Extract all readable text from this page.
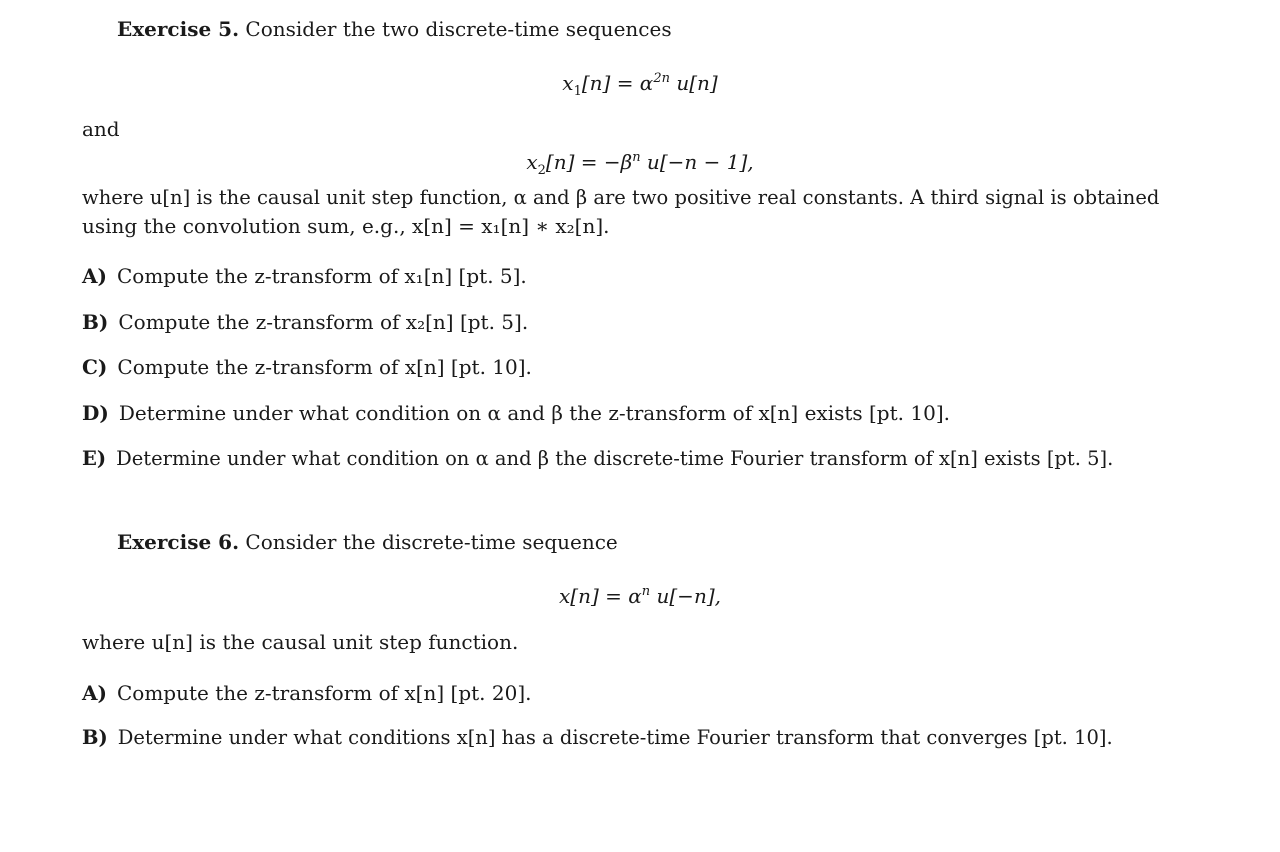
Exercise 5. Consider the two discrete-time sequences
$x_1[n] = \alpha^{2n}$ u[n]
and
$x_2[n] = -\beta^n$ u[−n − 1],
where u[n] is the causal unit step function, α and β are two positive real constants. A third signal is obtained
using the convolution sum, e.g., x[n] = x₁[n] ∗ x₂[n].
A) Compute the z-transform of x₁[n] [pt. 5].
B) Compute the z-transform of x₂[n] [pt. 5].
C) Compute the z-transform of x[n] [pt. 10].
D) Determine under what condition on α and β the z-transform of x[n] exists [pt. 10].
E) Determine under what condition on α and β the discrete-time Fourier transform of x[n] exists [pt. 5].
Exercise 6. Consider the discrete-time sequence
$x[n] = \alpha^n$ u[−n],
where u[n] is the causal unit step function.
A) Compute the z-transform of x[n] [pt. 20].
B) Determine under what conditions x[n] has a discrete-time Fourier transform that converges [pt. 10].
